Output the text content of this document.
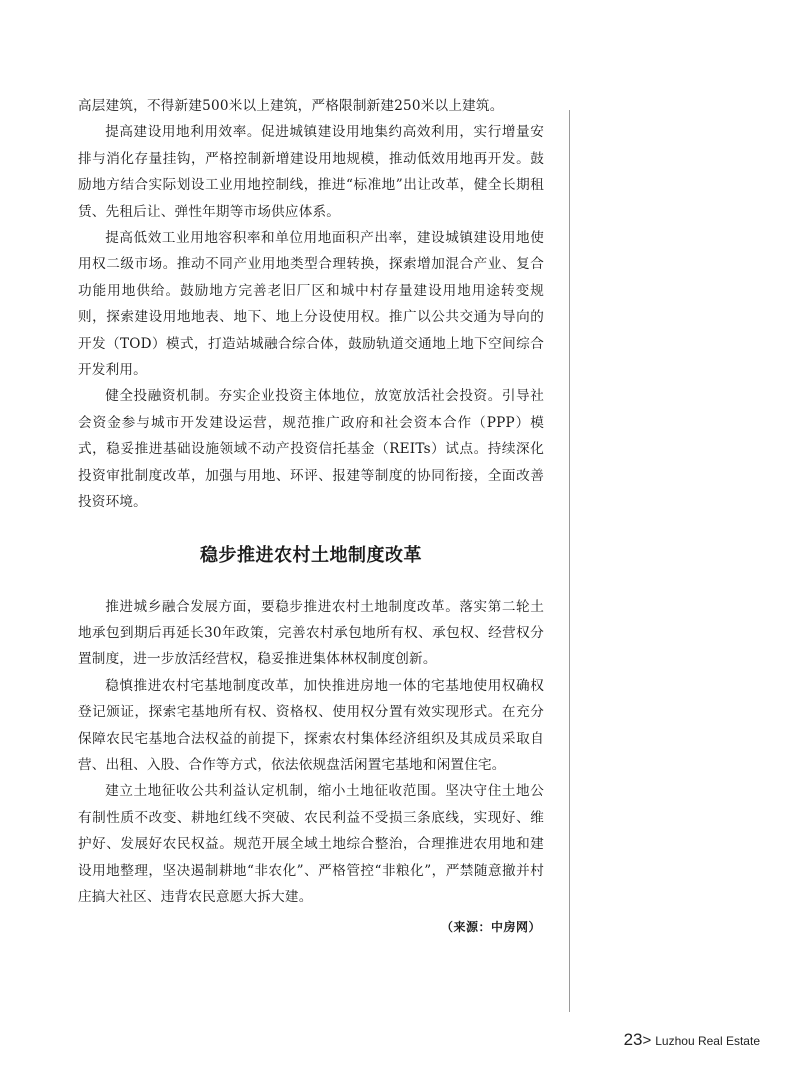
高层建筑，不得新建500米以上建筑，严格限制新建250米以上建筑。

提高建设用地利用效率。促进城镇建设用地集约高效利用，实行增量安排与消化存量挂钩，严格控制新增建设用地规模，推动低效用地再开发。鼓励地方结合实际划设工业用地控制线，推进“标准地”出让改革，健全长期租赁、先租后让、弹性年期等市场供应体系。

提高低效工业用地容积率和单位用地面积产出率，建设城镇建设用地使用权二级市场。推动不同产业用地类型合理转换，探索增加混合产业、复合功能用地供给。鼓励地方完善老旧厂区和城中村存量建设用地用途转变规则，探索建设用地地表、地下、地上分设使用权。推广以公共交通为导向的开发（TOD）模式，打造站城融合综合体，鼓励轨道交通地上地下空间综合开发利用。

健全投融资机制。夯实企业投资主体地位，放宽放活社会投资。引导社会资金参与城市开发建设运营，规范推广政府和社会资本合作（PPP）模式，稳妥推进基础设施领域不动产投资信托基金（REITs）试点。持续深化投资审批制度改革，加强与用地、环评、报建等制度的协同衔接，全面改善投资环境。

稳步推进农村土地制度改革

推进城乡融合发展方面，要稳步推进农村土地制度改革。落实第二轮土地承包到期后再延长30年政策，完善农村承包地所有权、承包权、经营权分置制度，进一步放活经营权，稳妥推进集体林权制度创新。

稳慎推进农村宅基地制度改革，加快推进房地一体的宅基地使用权确权登记颁证，探索宅基地所有权、资格权、使用权分置有效实现形式。在充分保障农民宅基地合法权益的前提下，探索农村集体经济组织及其成员采取自营、出租、入股、合作等方式，依法依规盘活闲置宅基地和闲置住宅。

建立土地征收公共利益认定机制，缩小土地征收范围。坚决守住土地公有制性质不改变、耕地红线不突破、农民利益不受损三条底线，实现好、维护好、发展好农民权益。规范开展全域土地综合整治，合理推进农用地和建设用地整理，坚决遏制耕地“非农化”、严格管控“非粮化”，严禁随意撤并村庄搞大社区、违背农民意愿大拆大建。

（来源：中房网）
23> Luzhou Real Estate
